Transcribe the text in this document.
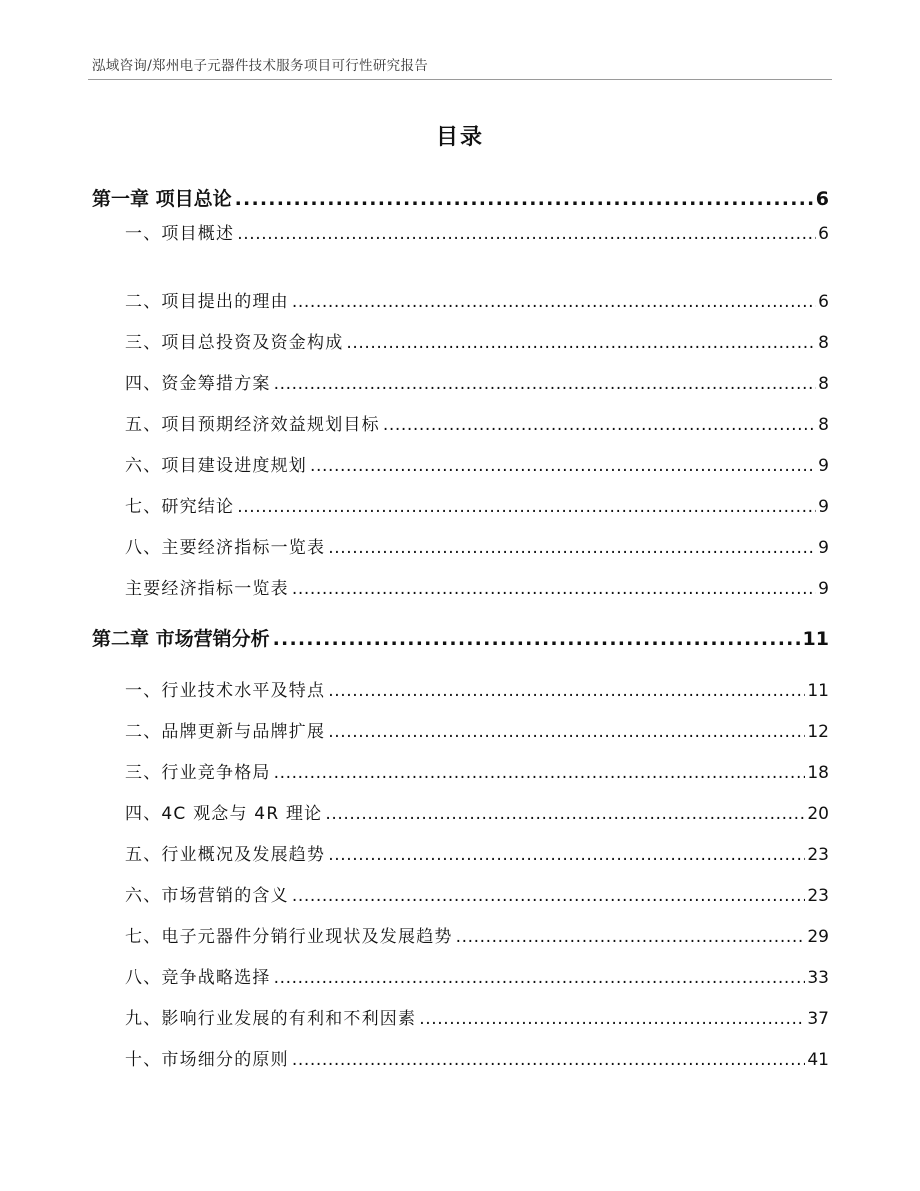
泓域咨询/郑州电子元器件技术服务项目可行性研究报告
目录
第一章 项目总论 .....	6
一、 项目概述 .....	6
二、 项目提出的理由 .....	6
三、 项目总投资及资金构成 .....	8
四、 资金筹措方案 .....	8
五、 项目预期经济效益规划目标 .....	8
六、 项目建设进度规划 .....	9
七、 研究结论 .....	9
八、 主要经济指标一览表 .....	9
主要经济指标一览表 .....	9
第二章 市场营销分析 .....	11
一、 行业技术水平及特点 .....	11
二、 品牌更新与品牌扩展 .....	12
三、 行业竞争格局 .....	18
四、 4C 观念与 4R 理论 .....	20
五、 行业概况及发展趋势 .....	23
六、 市场营销的含义 .....	23
七、 电子元器件分销行业现状及发展趋势 .....	29
八、 竞争战略选择 .....	33
九、 影响行业发展的有利和不利因素 .....	37
十、 市场细分的原则 .....	41
